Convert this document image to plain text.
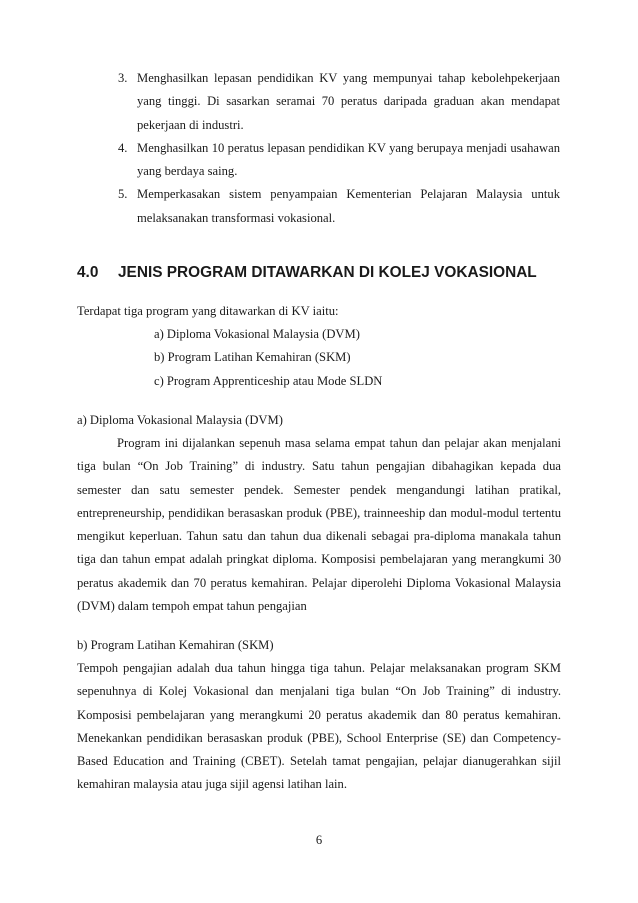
3. Menghasilkan lepasan pendidikan KV yang mempunyai tahap kebolehpekerjaan yang tinggi. Di sasarkan seramai 70 peratus daripada graduan akan mendapat pekerjaan di industri.
4. Menghasilkan 10 peratus lepasan pendidikan KV yang berupaya menjadi usahawan yang berdaya saing.
5. Memperkasakan sistem penyampaian Kementerian Pelajaran Malaysia untuk melaksanakan transformasi vokasional.
4.0 JENIS PROGRAM DITAWARKAN DI KOLEJ VOKASIONAL
Terdapat tiga program yang ditawarkan di KV iaitu:
a) Diploma Vokasional Malaysia (DVM)
b) Program Latihan Kemahiran (SKM)
c) Program Apprenticeship atau Mode SLDN
a) Diploma Vokasional Malaysia (DVM)
Program ini dijalankan sepenuh masa selama empat tahun dan pelajar akan menjalani tiga bulan “On Job Training” di industry. Satu tahun pengajian dibahagikan kepada dua semester dan satu semester pendek. Semester pendek mengandungi latihan pratikal, entrepreneurship, pendidikan berasaskan produk (PBE), trainneeship dan modul-modul tertentu mengikut keperluan. Tahun satu dan tahun dua dikenali sebagai pra-diploma manakala tahun tiga dan tahun empat adalah pringkat diploma. Komposisi pembelajaran yang merangkumi 30 peratus akademik dan 70 peratus kemahiran. Pelajar diperolehi Diploma Vokasional Malaysia (DVM) dalam tempoh empat tahun pengajian
b) Program Latihan Kemahiran (SKM)
Tempoh pengajian adalah dua tahun hingga tiga tahun. Pelajar melaksanakan program SKM sepenuhnya di Kolej Vokasional dan menjalani tiga bulan “On Job Training” di industry. Komposisi pembelajaran yang merangkumi 20 peratus akademik dan 80 peratus kemahiran. Menekankan pendidikan berasaskan produk (PBE), School Enterprise (SE) dan Competency-Based Education and Training (CBET). Setelah tamat pengajian, pelajar dianugerahkan sijil kemahiran malaysia atau juga sijil agensi latihan lain.
6
